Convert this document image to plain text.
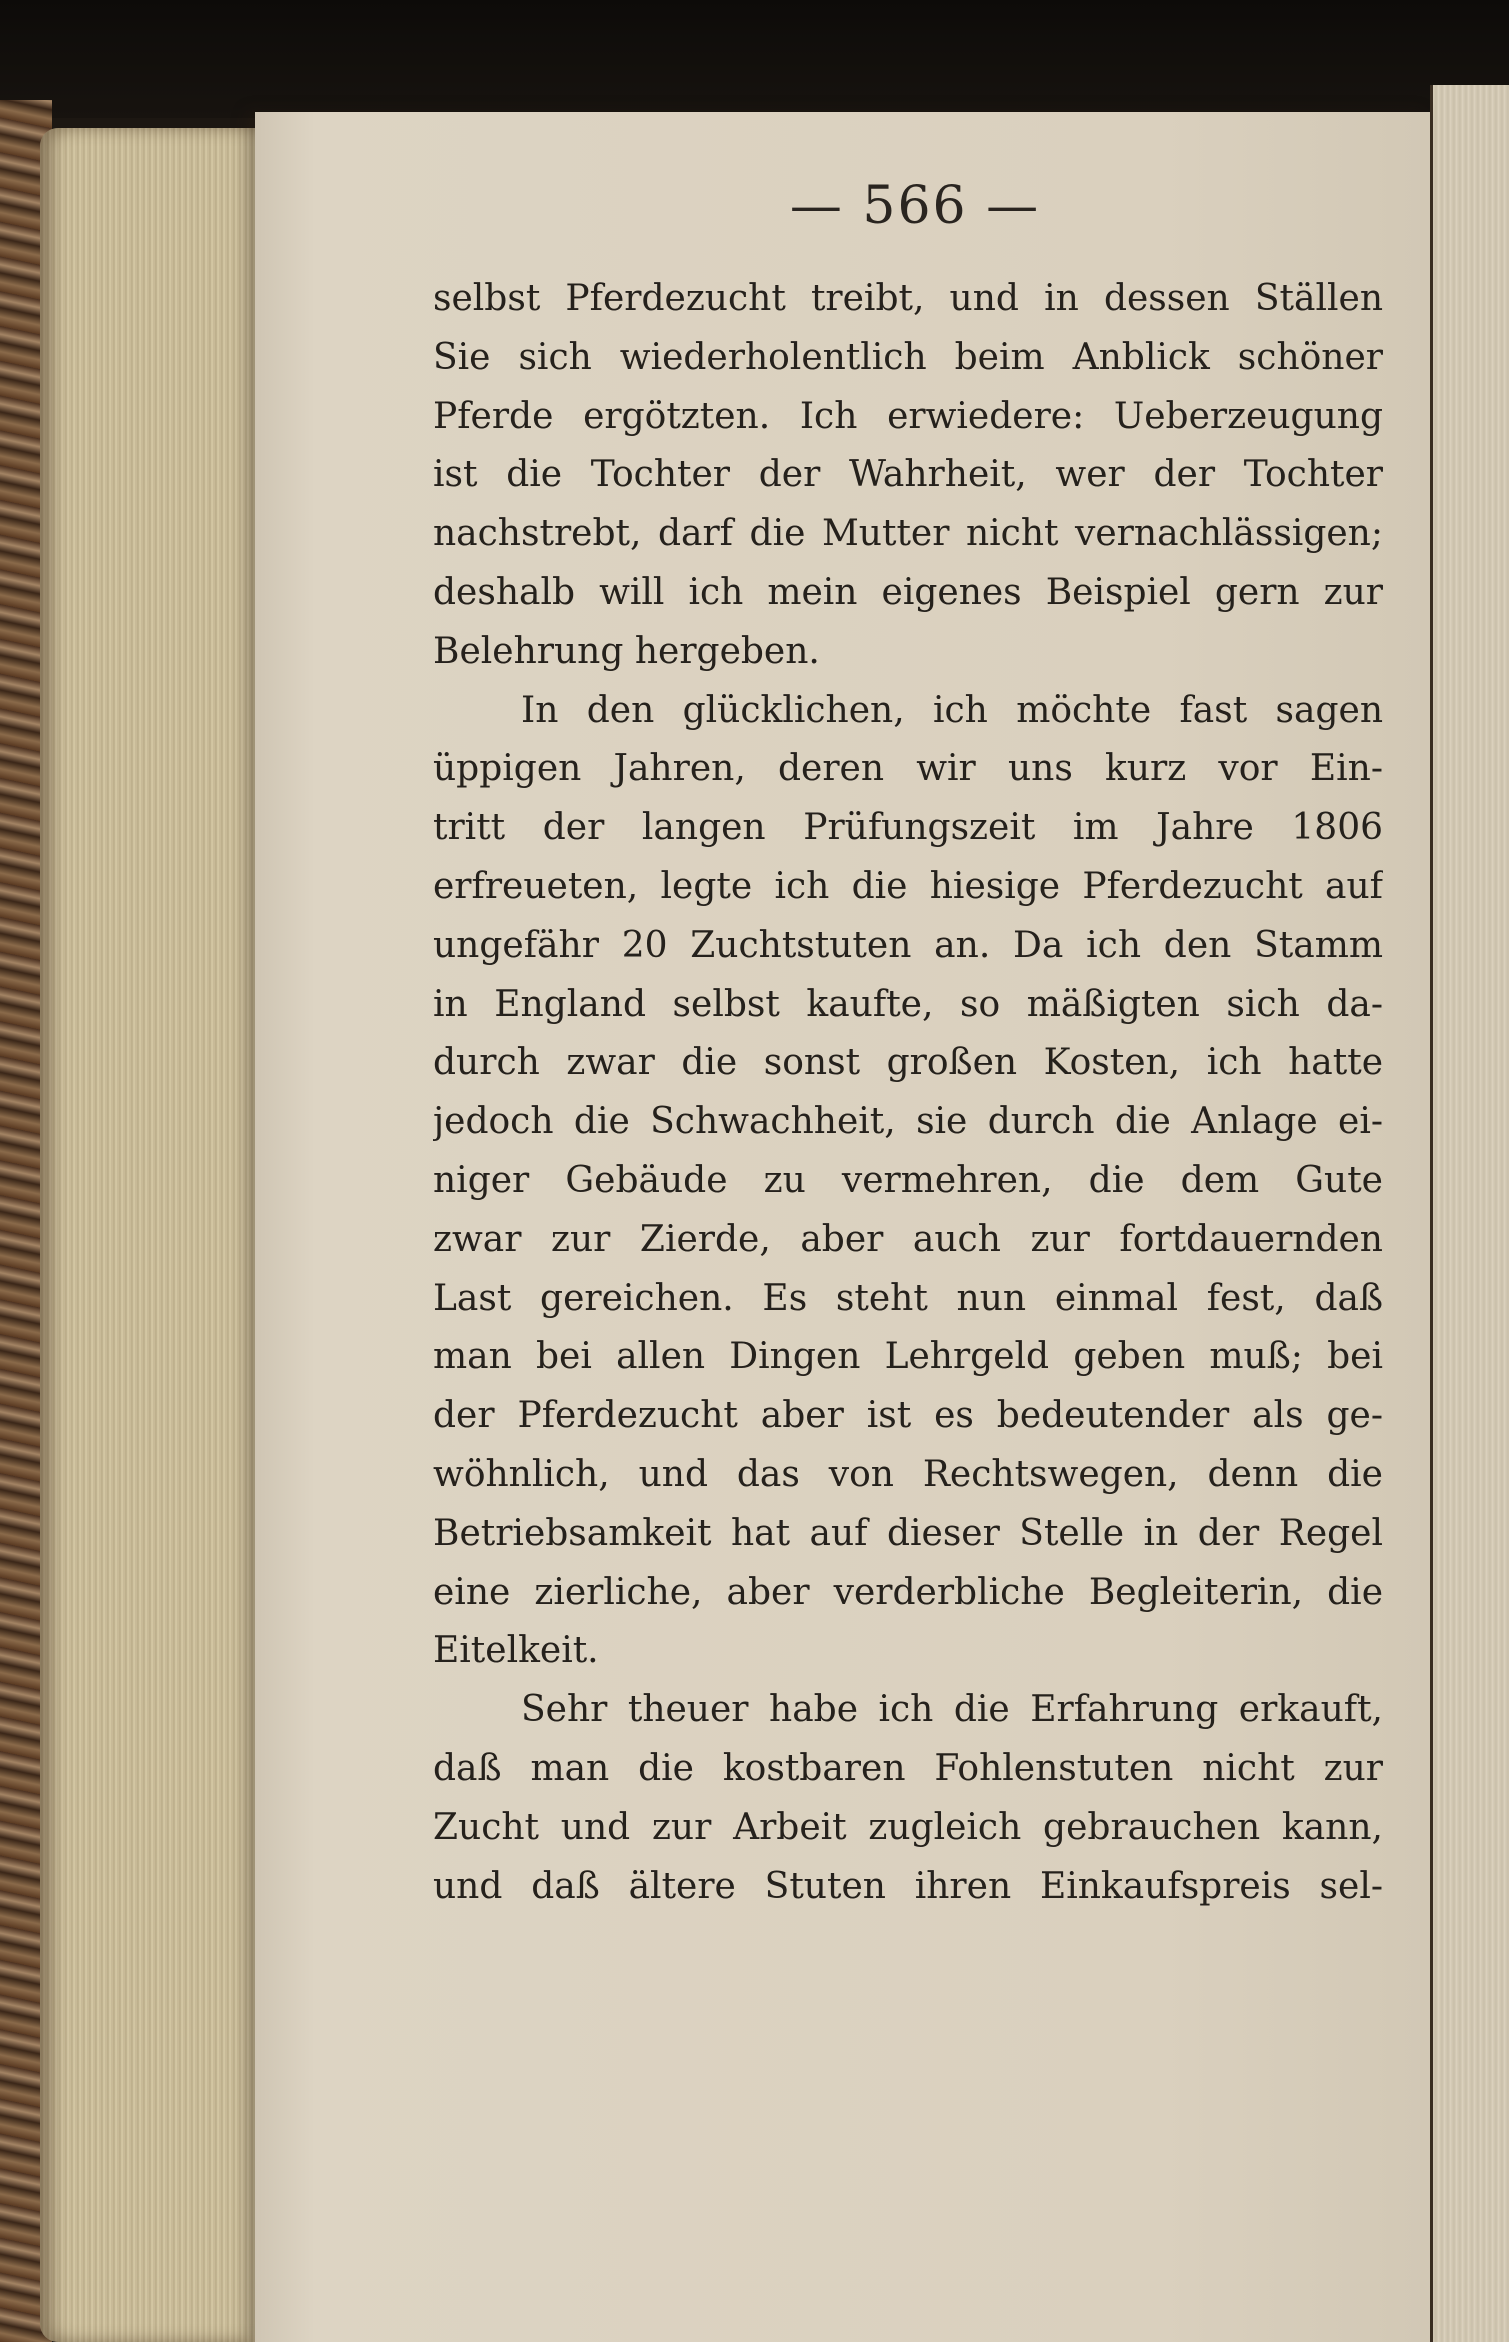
— 566 —
selbst Pferdezucht treibt, und in dessen Ställen
Sie sich wiederholentlich beim Anblick schöner
Pferde ergötzten. Ich erwiedere: Ueberzeugung
ist die Tochter der Wahrheit, wer der Tochter
nachstrebt, darf die Mutter nicht vernachlässigen;
deshalb will ich mein eigenes Beispiel gern zur
Belehrung hergeben.
In den glücklichen, ich möchte fast sagen
üppigen Jahren, deren wir uns kurz vor Ein-
tritt der langen Prüfungszeit im Jahre 1806
erfreueten, legte ich die hiesige Pferdezucht auf
ungefähr 20 Zuchtstuten an. Da ich den Stamm
in England selbst kaufte, so mäßigten sich da-
durch zwar die sonst großen Kosten, ich hatte
jedoch die Schwachheit, sie durch die Anlage ei-
niger Gebäude zu vermehren, die dem Gute
zwar zur Zierde, aber auch zur fortdauernden
Last gereichen. Es steht nun einmal fest, daß
man bei allen Dingen Lehrgeld geben muß; bei
der Pferdezucht aber ist es bedeutender als ge-
wöhnlich, und das von Rechtswegen, denn die
Betriebsamkeit hat auf dieser Stelle in der Regel
eine zierliche, aber verderbliche Begleiterin, die
Eitelkeit.
Sehr theuer habe ich die Erfahrung erkauft,
daß man die kostbaren Fohlenstuten nicht zur
Zucht und zur Arbeit zugleich gebrauchen kann,
und daß ältere Stuten ihren Einkaufspreis sel-
